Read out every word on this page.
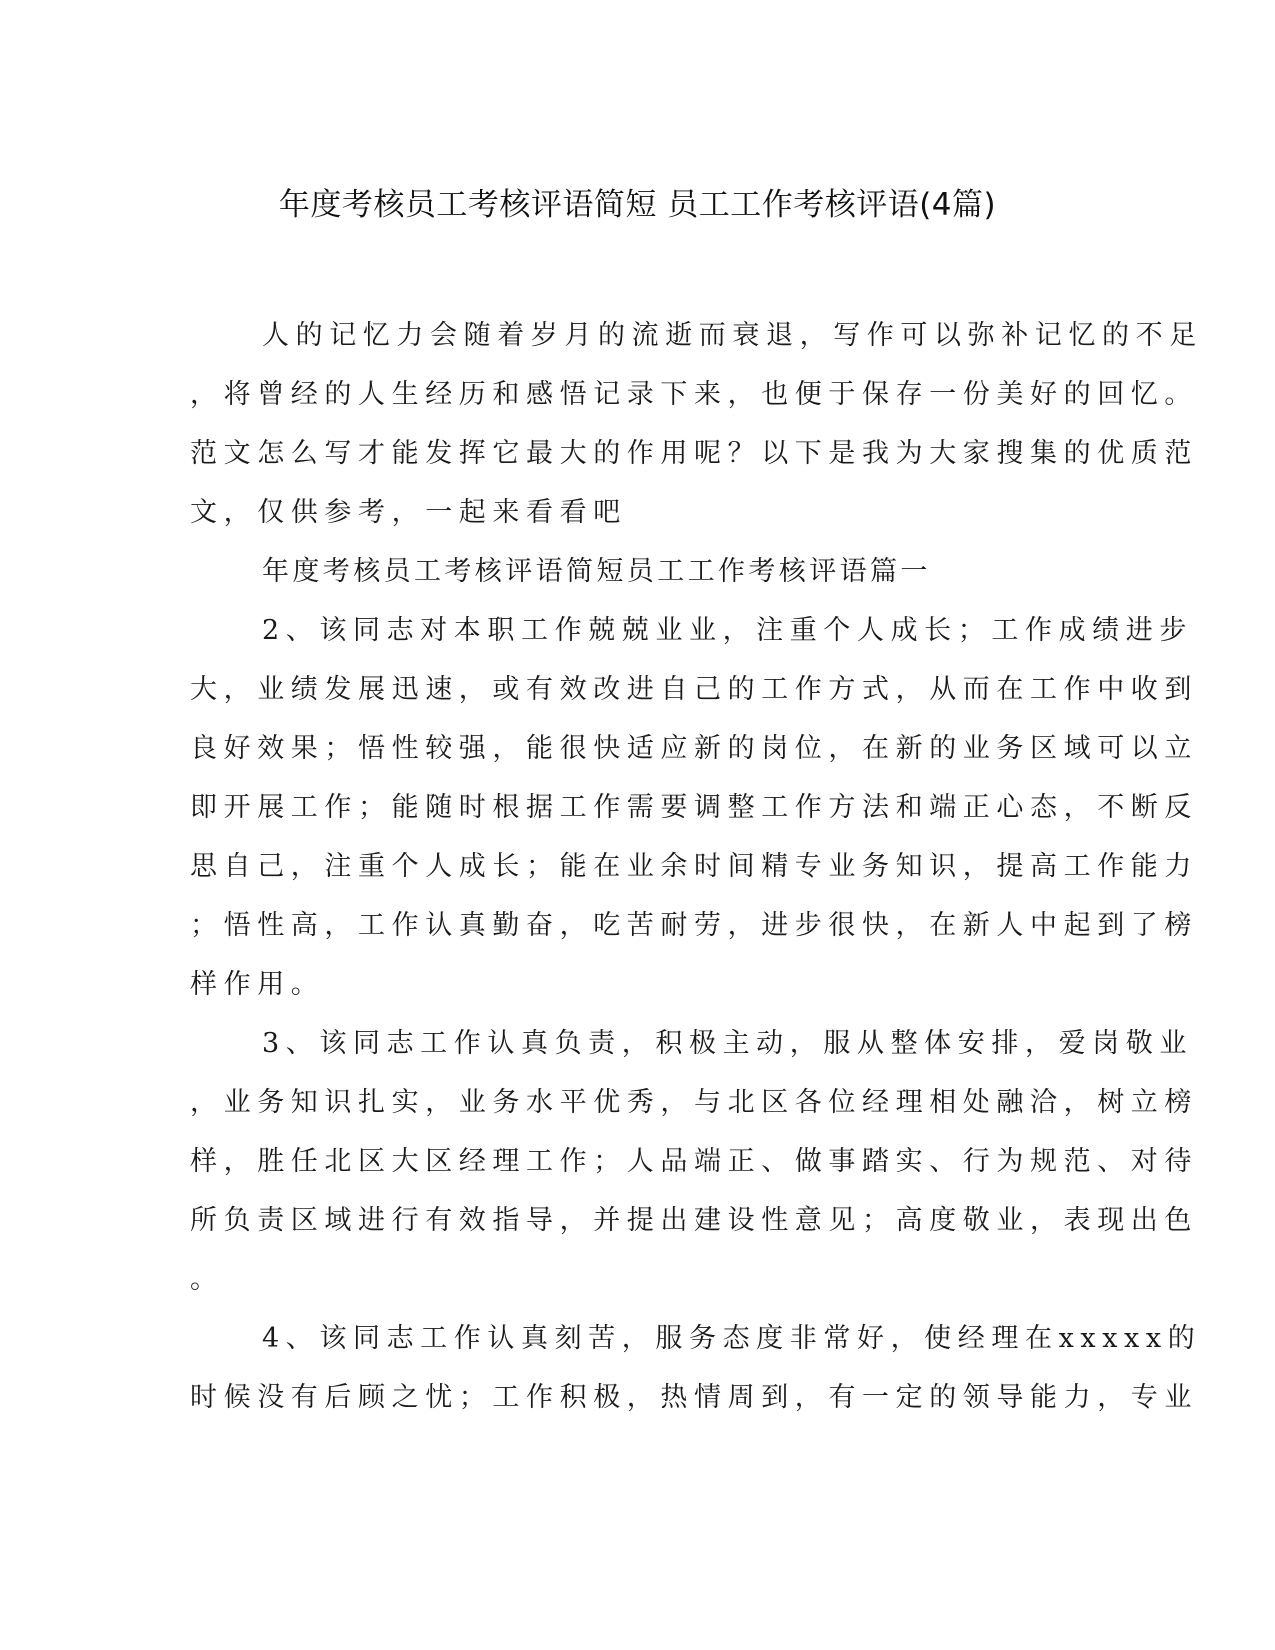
年度考核员工考核评语简短 员工工作考核评语(4篇)
人的记忆力会随着岁月的流逝而衰退，写作可以弥补记忆的不足
，将曾经的人生经历和感悟记录下来，也便于保存一份美好的回忆。
范文怎么写才能发挥它最大的作用呢？以下是我为大家搜集的优质范
文，仅供参考，一起来看看吧
年度考核员工考核评语简短员工工作考核评语篇一
2、该同志对本职工作兢兢业业，注重个人成长；工作成绩进步
大，业绩发展迅速，或有效改进自己的工作方式，从而在工作中收到
良好效果；悟性较强，能很快适应新的岗位，在新的业务区域可以立
即开展工作；能随时根据工作需要调整工作方法和端正心态，不断反
思自己，注重个人成长；能在业余时间精专业务知识，提高工作能力
；悟性高，工作认真勤奋，吃苦耐劳，进步很快，在新人中起到了榜
样作用。
3、该同志工作认真负责，积极主动，服从整体安排，爱岗敬业
，业务知识扎实，业务水平优秀，与北区各位经理相处融洽，树立榜
样，胜任北区大区经理工作；人品端正、做事踏实、行为规范、对待
所负责区域进行有效指导，并提出建设性意见；高度敬业，表现出色
。
4、该同志工作认真刻苦，服务态度非常好，使经理在xxxxx的
时候没有后顾之忧；工作积极，热情周到，有一定的领导能力，专业
